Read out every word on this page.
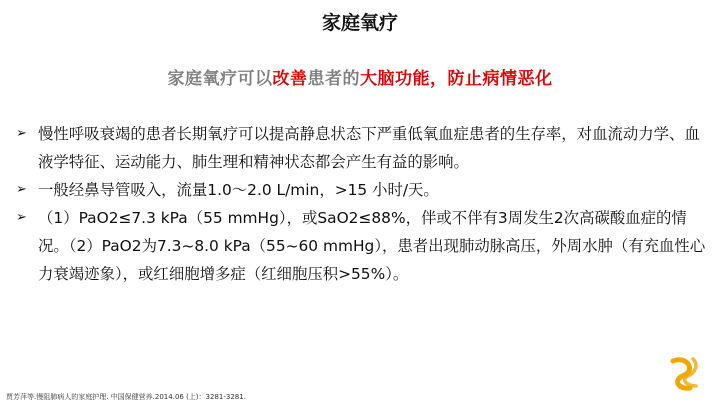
家庭氧疗
家庭氧疗可以改善患者的大脑功能，防止病情恶化
➢ 慢性呼吸衰竭的患者长期氧疗可以提高静息状态下严重低氧血症患者的生存率，对血流动力学、血液学特征、运动能力、肺生理和精神状态都会产生有益的影响。
➢ 一般经鼻导管吸入，流量1.0～2.0 L/min，>15 小时/天。
➢ （1）PaO2≤7.3 kPa（55 mmHg），或SaO2≤88%，伴或不伴有3周发生2次高碳酸血症的情况。（2）PaO2为7.3~8.0 kPa（55~60 mmHg），患者出现肺动脉高压，外周水肿（有充血性心力衰竭迹象），或红细胞增多症（红细胞压积>55%）。
贾芳萍等.慢阻肺病人的家庭护理. 中国保健营养.2014.06 (上)：3281-3281.
